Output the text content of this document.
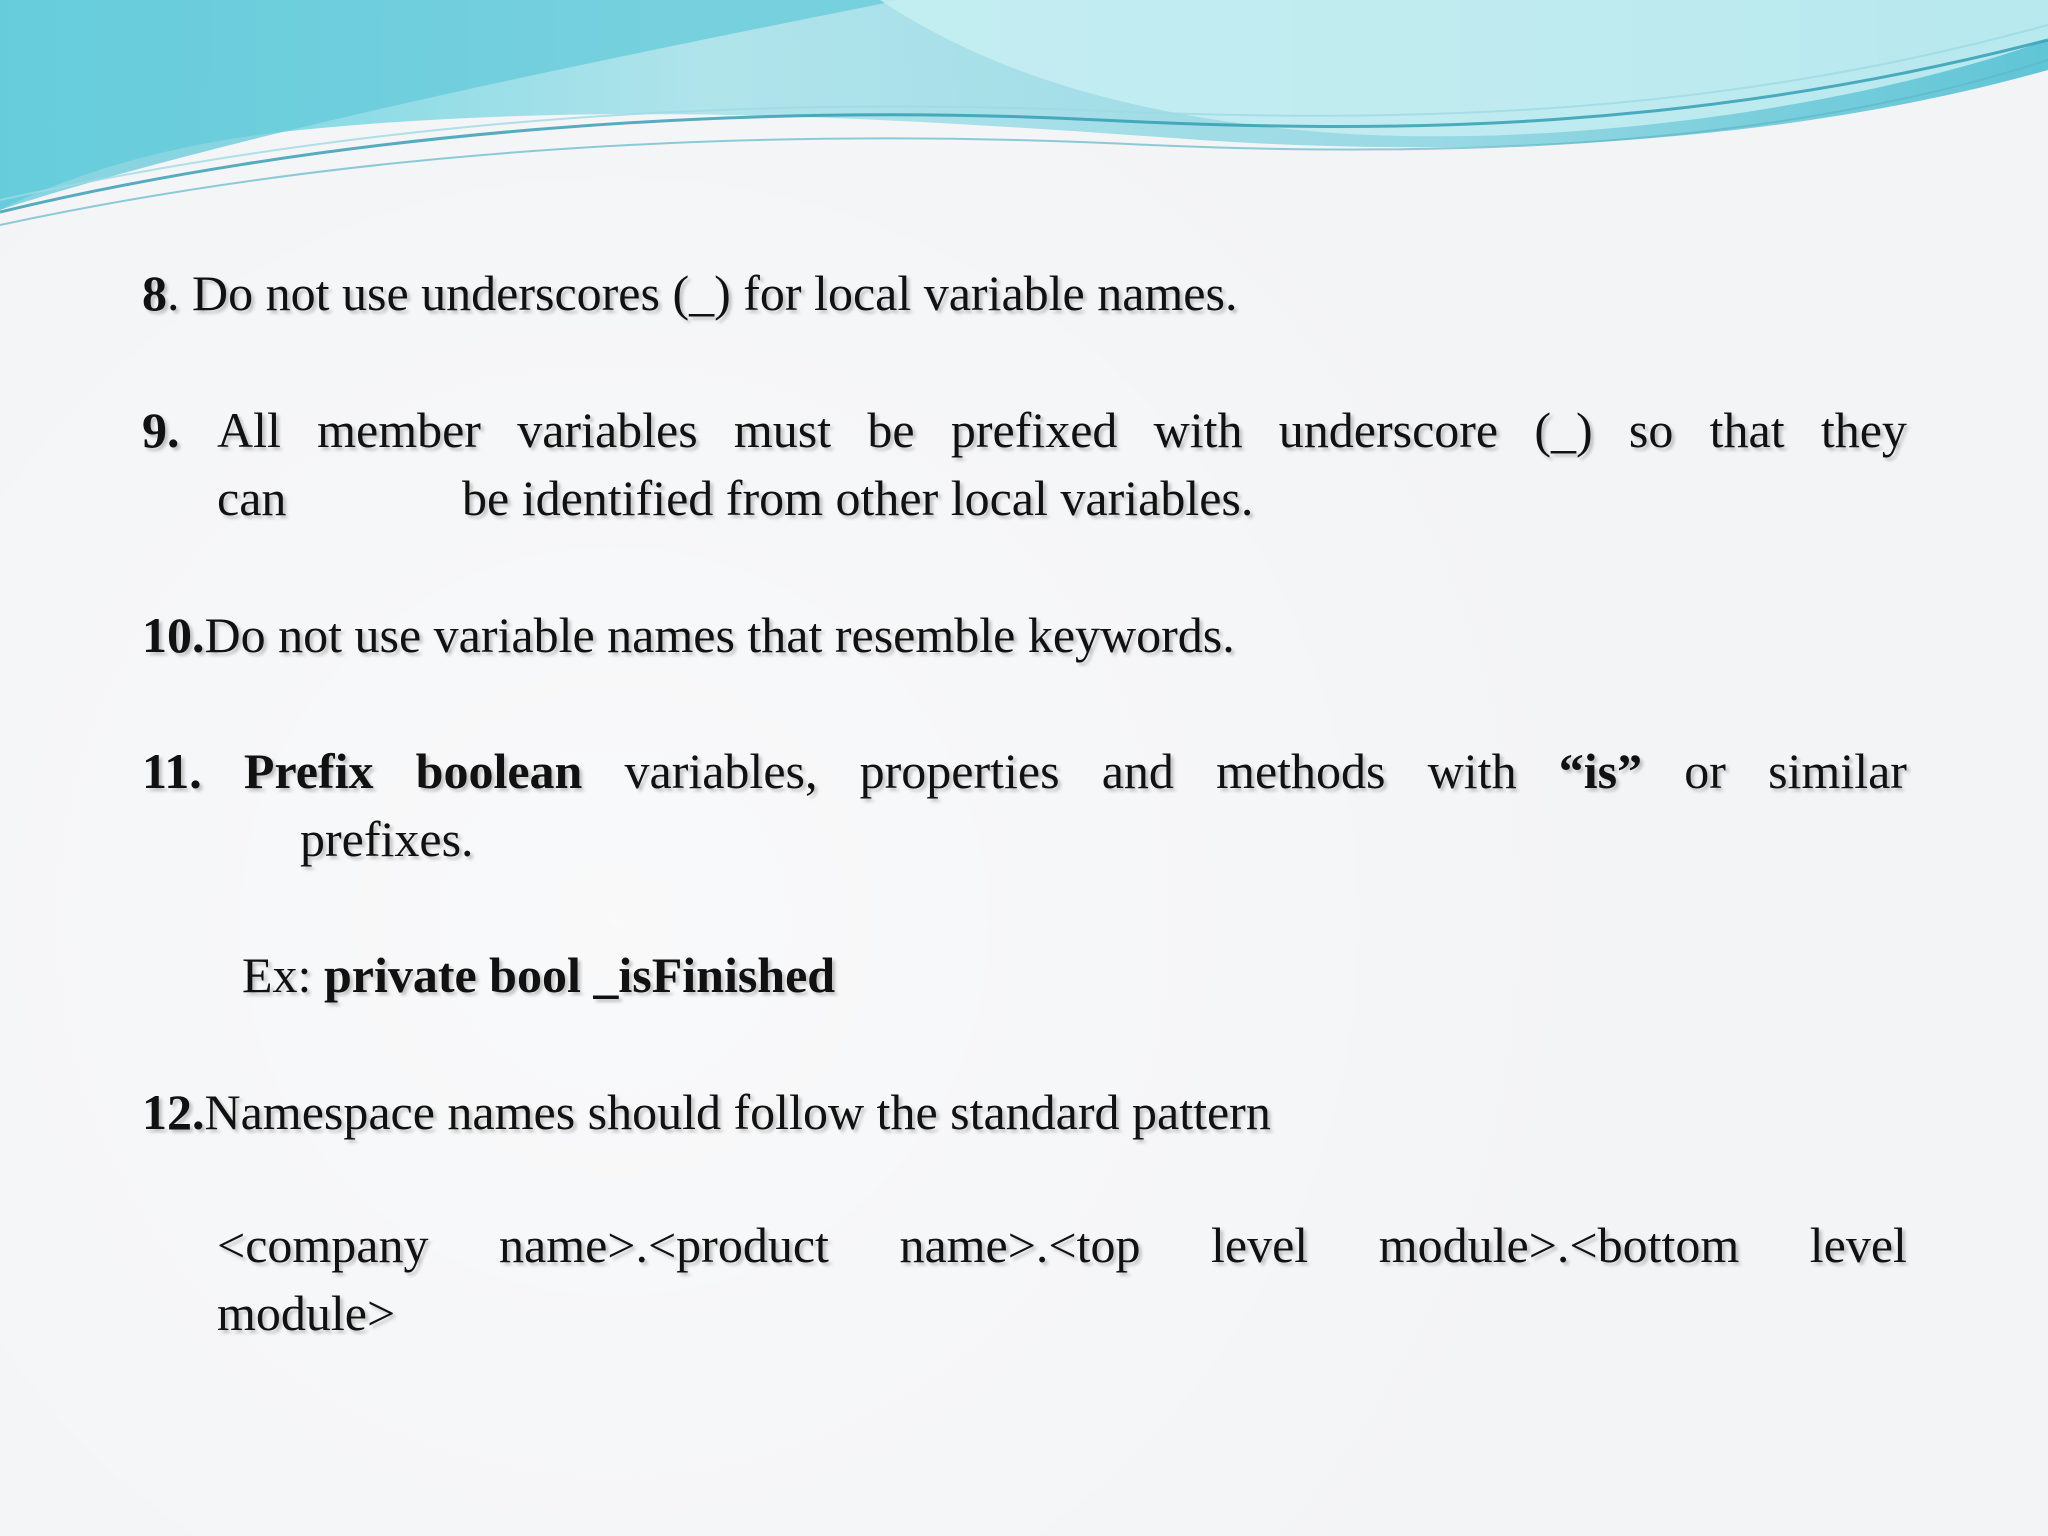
8. Do not use underscores (_) for local variable names.
9. All member variables must be prefixed with underscore (_) so that they
can	be identified from other local variables.
10.Do not use variable names that resemble keywords.
11. Prefix boolean variables, properties and methods with “is” or similar
prefixes.
Ex: private bool _isFinished
12.Namespace names should follow the standard pattern
<company name>.<product name>.<top level module>.<bottom level
module>
